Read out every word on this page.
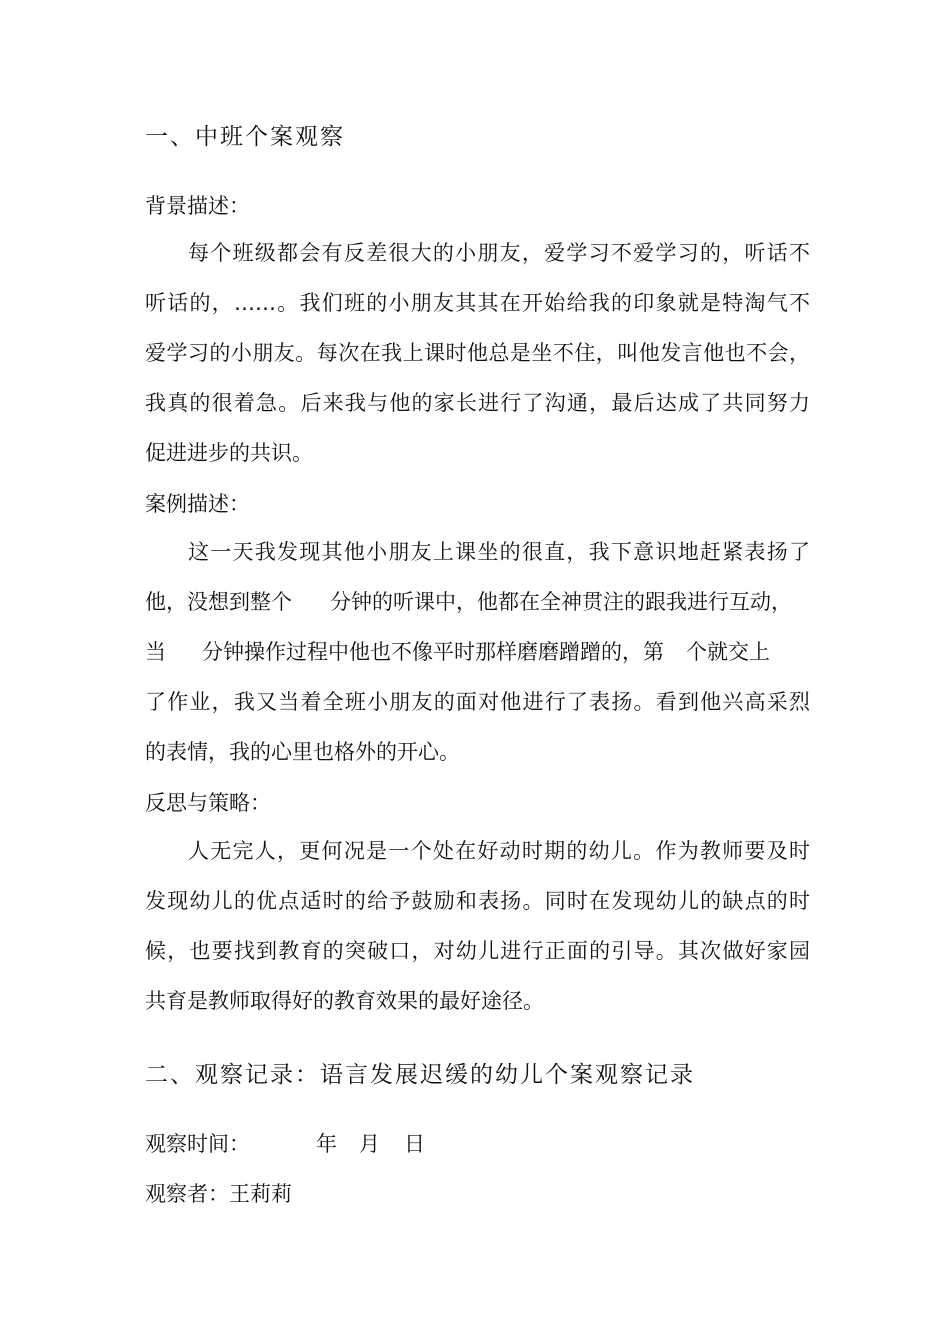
一、中班个案观察

背景描述：

每个班级都会有反差很大的小朋友，爱学习不爱学习的，听话不

听话的，……。我们班的小朋友其其在开始给我的印象就是特淘气不

爱学习的小朋友。每次在我上课时他总是坐不住，叫他发言他也不会，

我真的很着急。后来我与他的家长进行了沟通，最后达成了共同努力

促进进步的共识。

案例描述：

这一天我发现其他小朋友上课坐的很直，我下意识地赶紧表扬了

他，没想到整个 分钟的听课中，他都在全神贯注的跟我进行互动，

当 分钟操作过程中他也不像平时那样磨磨蹭蹭的，第 个就交上

了作业，我又当着全班小朋友的面对他进行了表扬。看到他兴高采烈

的表情，我的心里也格外的开心。

反思与策略：

人无完人，更何况是一个处在好动时期的幼儿。作为教师要及时

发现幼儿的优点适时的给予鼓励和表扬。同时在发现幼儿的缺点的时

候，也要找到教育的突破口，对幼儿进行正面的引导。其次做好家园

共育是教师取得好的教育效果的最好途径。

二、观察记录：语言发展迟缓的幼儿个案观察记录

观察时间：	年 月 日

观察者：王莉莉
